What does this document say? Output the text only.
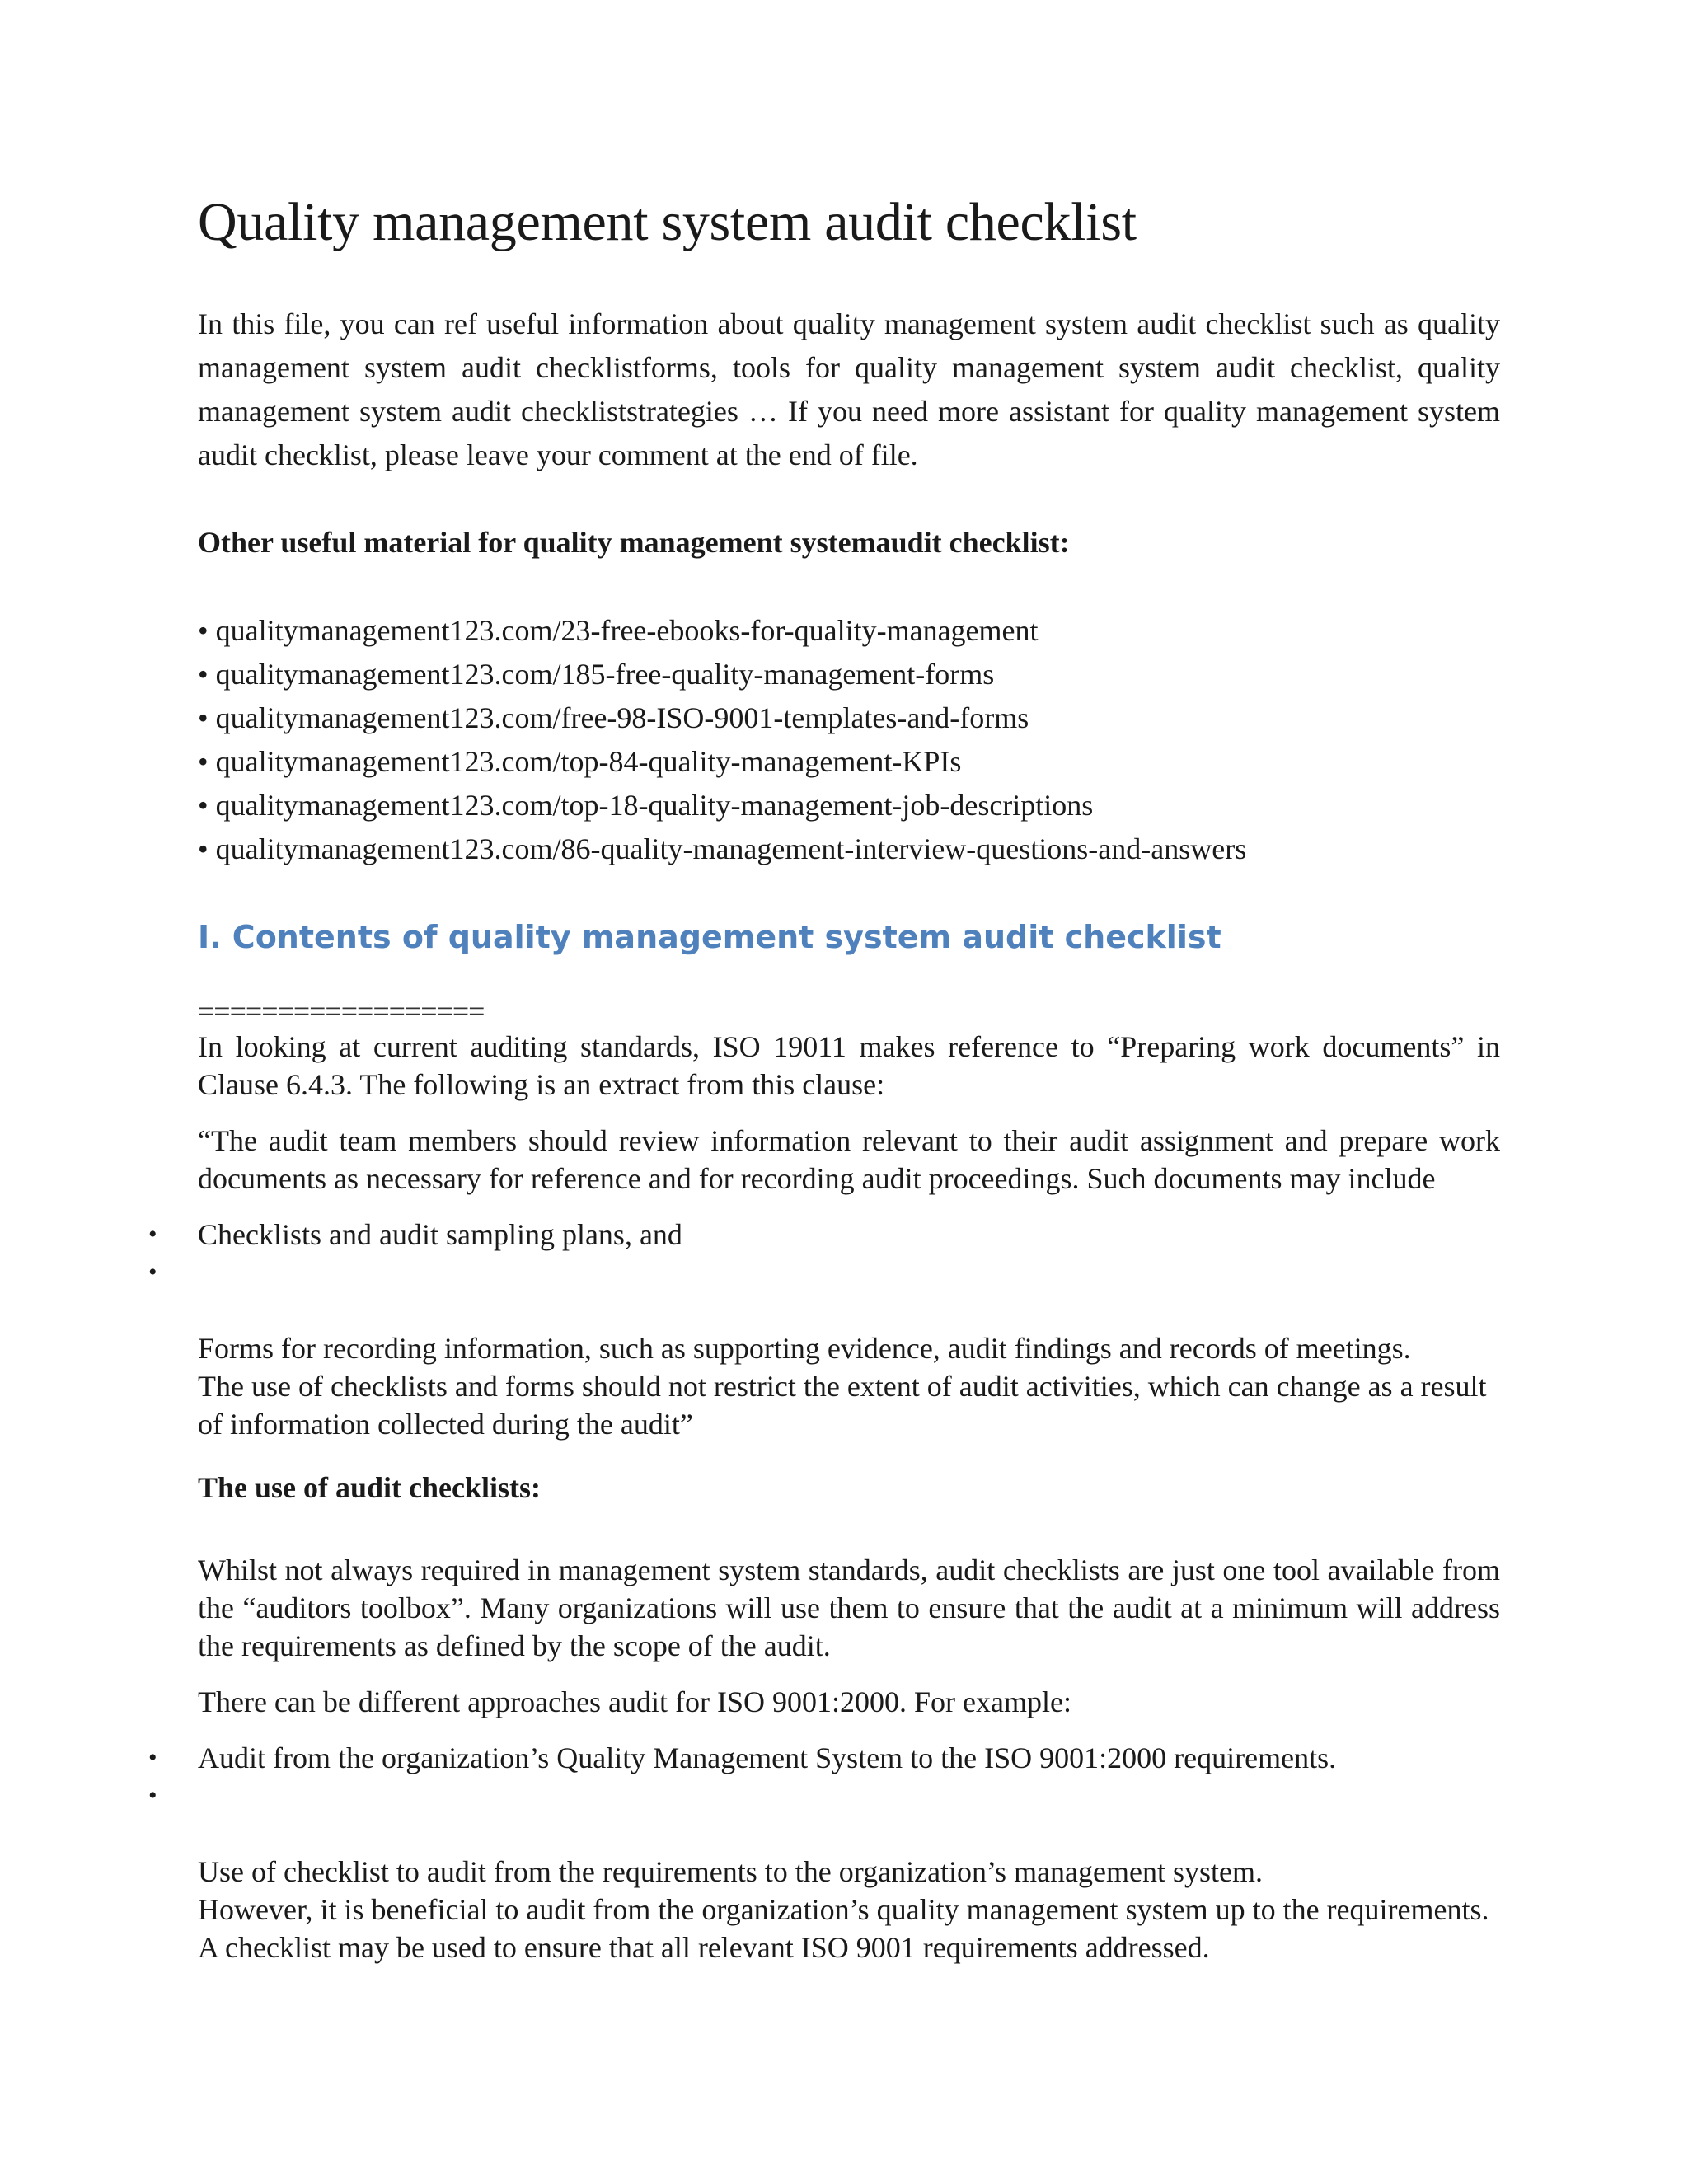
Quality management system audit checklist

In this file, you can ref useful information about quality management system audit checklist such as quality management system audit checklistforms, tools for quality management system audit checklist, quality management system audit checkliststrategies … If you need more assistant for quality management system audit checklist, please leave your comment at the end of file.

Other useful material for quality management systemaudit checklist:

• qualitymanagement123.com/23-free-ebooks-for-quality-management
• qualitymanagement123.com/185-free-quality-management-forms
• qualitymanagement123.com/free-98-ISO-9001-templates-and-forms
• qualitymanagement123.com/top-84-quality-management-KPIs
• qualitymanagement123.com/top-18-quality-management-job-descriptions
• qualitymanagement123.com/86-quality-management-interview-questions-and-answers
I. Contents of quality management system audit checklist
==================

In looking at current auditing standards, ISO 19011 makes reference to “Preparing work documents” in Clause 6.4.3. The following is an extract from this clause:

“The audit team members should review information relevant to their audit assignment and prepare work documents as necessary for reference and for recording audit proceedings. Such documents may include

• Checklists and audit sampling plans, and

•

Forms for recording information, such as supporting evidence, audit findings and records of meetings.
The use of checklists and forms should not restrict the extent of audit activities, which can change as a result of information collected during the audit”

The use of audit checklists:

Whilst not always required in management system standards, audit checklists are just one tool available from the “auditors toolbox”. Many organizations will use them to ensure that the audit at a minimum will address the requirements as defined by the scope of the audit.

There can be different approaches audit for ISO 9001:2000. For example:

• Audit from the organization’s Quality Management System to the ISO 9001:2000 requirements.

•

Use of checklist to audit from the requirements to the organization’s management system.
However, it is beneficial to audit from the organization’s quality management system up to the requirements. A checklist may be used to ensure that all relevant ISO 9001 requirements addressed.
